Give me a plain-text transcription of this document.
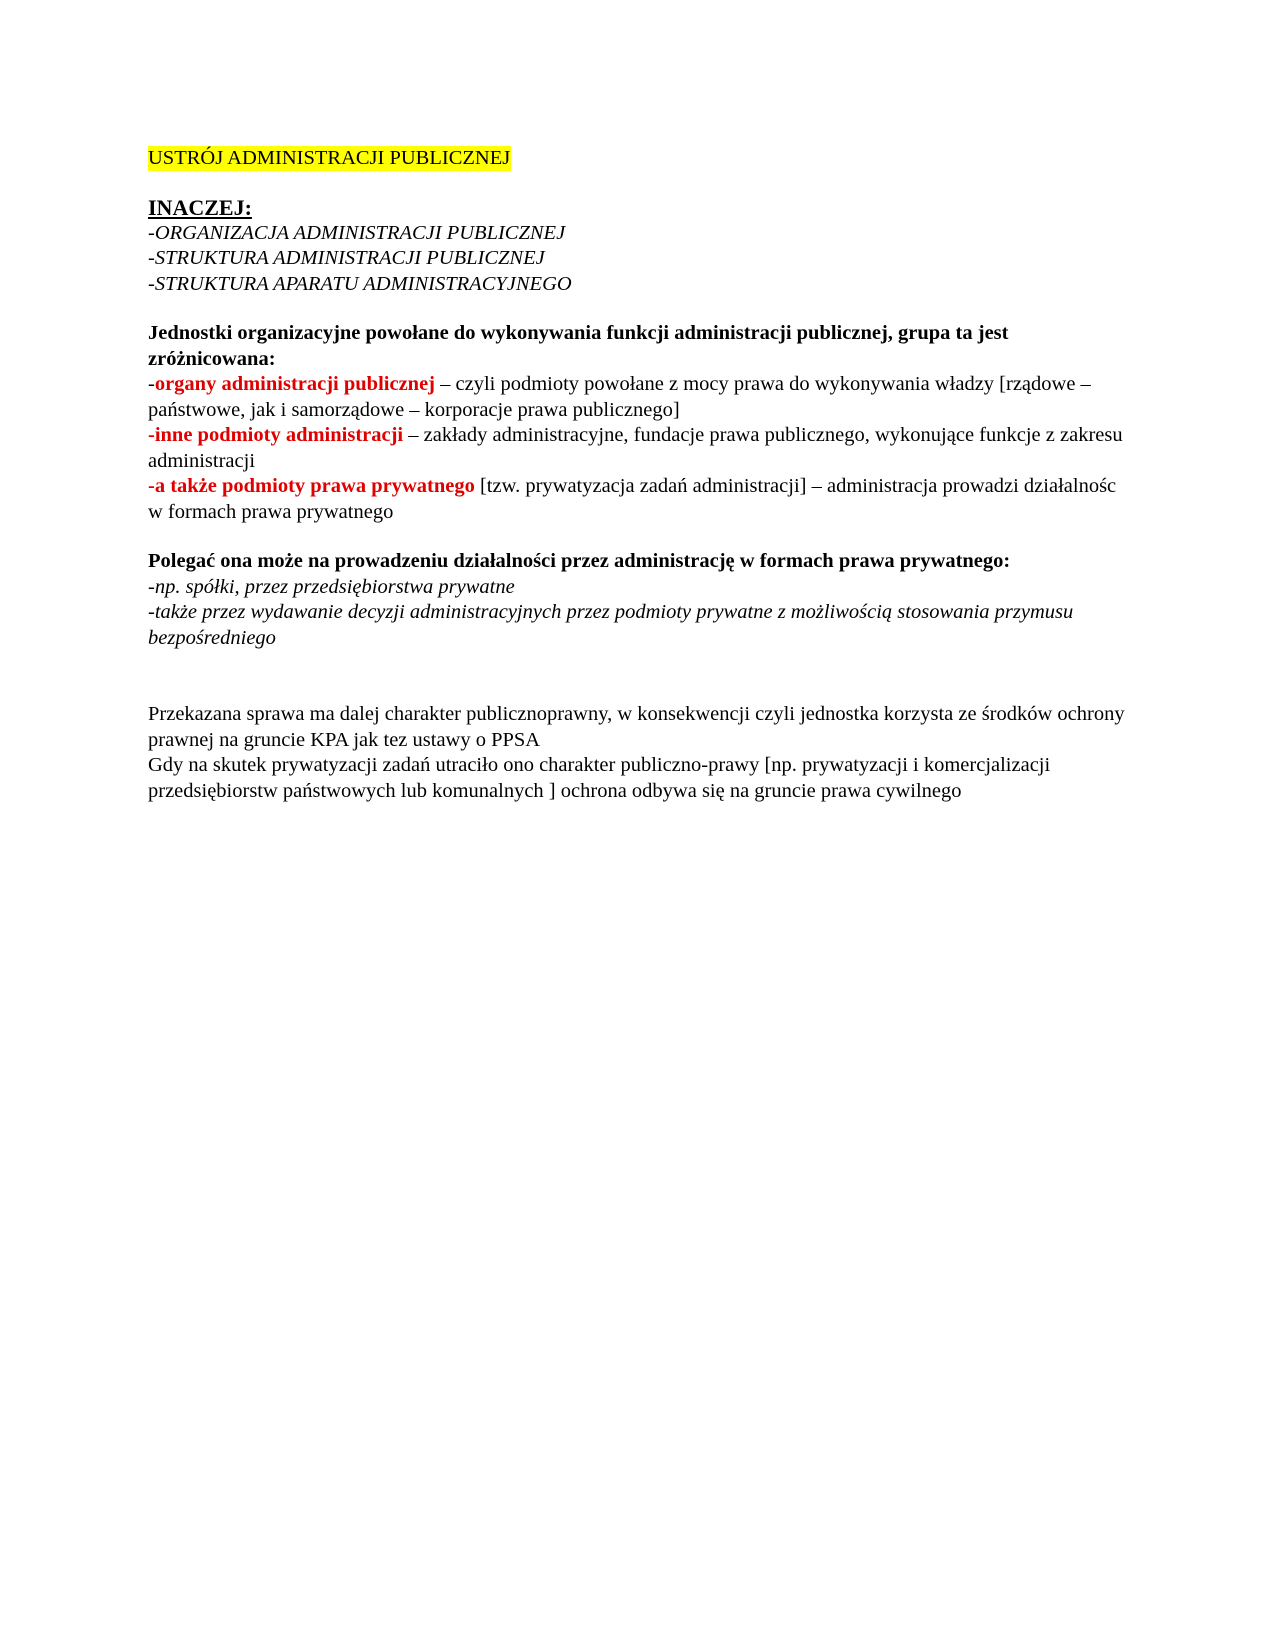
USTRÓJ ADMINISTRACJI PUBLICZNEJ
INACZEJ:
-ORGANIZACJA ADMINISTRACJI PUBLICZNEJ
-STRUKTURA ADMINISTRACJI PUBLICZNEJ
-STRUKTURA APARATU ADMINISTRACYJNEGO
Jednostki organizacyjne powołane do wykonywania funkcji administracji publicznej, grupa ta jest zróżnicowana:
-organy administracji publicznej – czyli podmioty powołane z mocy prawa do wykonywania władzy [rządowe – państwowe, jak i samorządowe – korporacje prawa publicznego]
-inne podmioty administracji – zakłady administracyjne, fundacje prawa publicznego, wykonujące funkcje z zakresu administracji
-a także podmioty prawa prywatnego [tzw. prywatyzacja zadań administracji] – administracja prowadzi działalnośc w formach prawa prywatnego
Polegać ona może na prowadzeniu działalności przez administrację w formach prawa prywatnego:
-np. spółki, przez przedsiębiorstwa prywatne
-także przez wydawanie decyzji administracyjnych przez podmioty prywatne z możliwością stosowania przymusu bezpośredniego
Przekazana sprawa ma dalej charakter publicznoprawny, w konsekwencji czyli jednostka korzysta ze środków ochrony prawnej na gruncie KPA jak tez ustawy o PPSA
Gdy na skutek prywatyzacji zadań utraciło ono charakter publiczno-prawy [np. prywatyzacji i komercjalizacji przedsiębiorstw państwowych lub komunalnych ] ochrona odbywa się na gruncie prawa cywilnego
